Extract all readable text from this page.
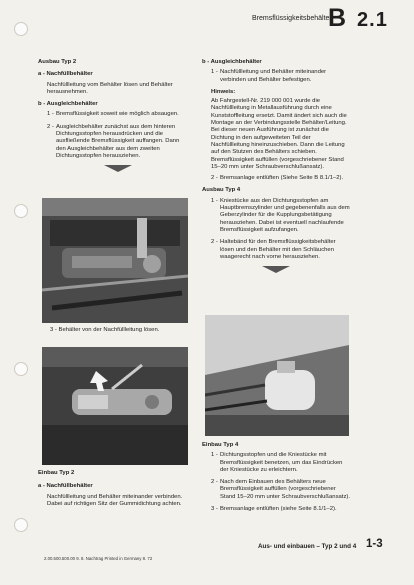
Bremsflüssigkeitsbehälter
B 2.1
Ausbau Typ 2
a - Nachfüllbehälter
Nachfüllleitung vom Behälter lösen und Behälter herausnehmen.
b - Ausgleichbehälter
1 - Bremsflüssigkeit soweit wie möglich absaugen.
2 - Ausgleichbehälter zunächst aus dem hinteren Dichtungsstopfen herausdrücken und die ausfließende Bremsflüssigkeit auffangen. Dann den Ausgleichbehälter aus dem zweiten Dichtungsstopfen herausziehen.
3 - Behälter von der Nachfüllleitung lösen.
Einbau Typ 2
a - Nachfüllbehälter
Nachfüllleitung und Behälter miteinander verbinden. Dabei auf richtigen Sitz der Gummidichtung achten.
b - Ausgleichbehälter
1 - Nachfüllleitung und Behälter miteinander verbinden und Behälter befestigen.
Hinweis:
Ab Fahrgestell-Nr. 219 000 001 wurde die Nachfüllleitung in Metallausführung durch eine Kunststoffleitung ersetzt. Damit ändert sich auch die Montage an der Verbindungsstelle Behälter/Leitung. Bei dieser neuen Ausführung ist zunächst die Dichtung in den aufgeweiteten Teil der Nachfüllleitung hineinzuschieben. Dann die Leitung auf den Stutzen des Behälters schieben. Bremsflüssigkeit auffüllen (vorgeschriebener Stand 15–20 mm unter Schraubverschlußansatz).
2 - Bremsanlage entlüften (Siehe Seite B 8.1/1–2).
Ausbau Typ 4
1 - Kniestücke aus den Dichtungsstopfen am Hauptbremszylinder und gegebenenfalls aus dem Geberzylinder für die Kupplungsbetätigung herausziehen. Dabei ist eventuell nachlaufende Bremsflüssigkeit aufzufangen.
2 - Haltebänd für den Bremsflüssigkeitsbehälter lösen und den Behälter mit den Schläuchen waagerecht nach vorne herausziehen.
Einbau Typ 4
1 - Dichtungsstopfen und die Kniestücke mit Bremsflüssigkeit benetzen, um das Eindrücken der Kniestücke zu erleichtern.
2 - Nach dem Einbauen des Behälters neue Bremsflüssigkeit auffüllen (vorgeschriebener Stand 15–20 mm unter Schraubverschlußansatz).
3 - Bremsanlage entlüften (siehe Seite 8.1/1–2).
2.00.500.500.00 9. 8. Nachtrag Printed in Germany 8. 72
Aus- und einbauen – Typ 2 und 4 1-3
